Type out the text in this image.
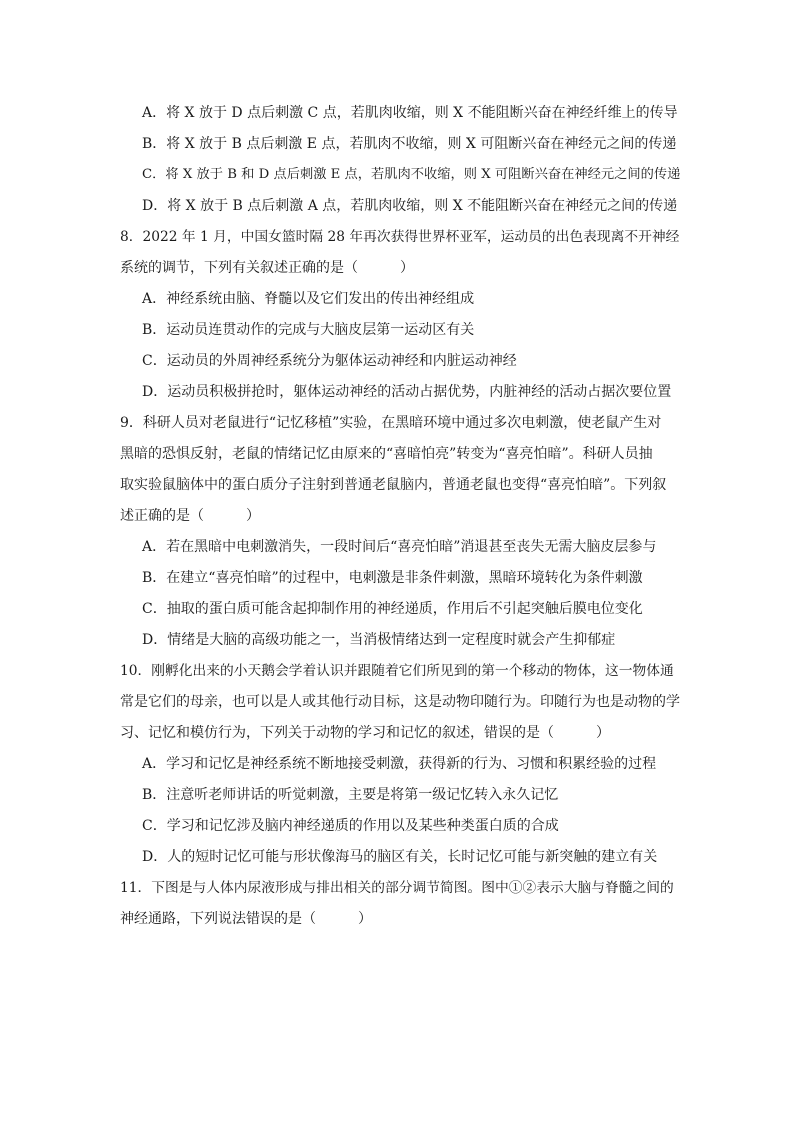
A．将 X 放于 D 点后刺激 C 点，若肌肉收缩，则 X 不能阻断兴奋在神经纤维上的传导
B．将 X 放于 B 点后刺激 E 点，若肌肉不收缩，则 X 可阻断兴奋在神经元之间的传递
C．将 X 放于 B 和 D 点后刺激 E 点，若肌肉不收缩，则 X 可阻断兴奋在神经元之间的传递
D．将 X 放于 B 点后刺激 A 点，若肌肉收缩，则 X 不能阻断兴奋在神经元之间的传递
8．2022 年 1 月，中国女篮时隔 28 年再次获得世界杯亚军，运动员的出色表现离不开神经
系统的调节，下列有关叙述正确的是（　　　）
A．神经系统由脑、脊髓以及它们发出的传出神经组成
B．运动员连贯动作的完成与大脑皮层第一运动区有关
C．运动员的外周神经系统分为躯体运动神经和内脏运动神经
D．运动员积极拼抢时，躯体运动神经的活动占据优势，内脏神经的活动占据次要位置
9．科研人员对老鼠进行“记忆移植”实验，在黑暗环境中通过多次电刺激，使老鼠产生对
黑暗的恐惧反射，老鼠的情绪记忆由原来的“喜暗怕亮”转变为“喜亮怕暗”。科研人员抽
取实验鼠脑体中的蛋白质分子注射到普通老鼠脑内，普通老鼠也变得“喜亮怕暗”。下列叙
述正确的是（　　　）
A．若在黑暗中电刺激消失，一段时间后“喜亮怕暗”消退甚至丧失无需大脑皮层参与
B．在建立“喜亮怕暗”的过程中，电刺激是非条件刺激，黑暗环境转化为条件刺激
C．抽取的蛋白质可能含起抑制作用的神经递质，作用后不引起突触后膜电位变化
D．情绪是大脑的高级功能之一，当消极情绪达到一定程度时就会产生抑郁症
10．刚孵化出来的小天鹅会学着认识并跟随着它们所见到的第一个移动的物体，这一物体通
常是它们的母亲，也可以是人或其他行动目标，这是动物印随行为。印随行为也是动物的学
习、记忆和模仿行为，下列关于动物的学习和记忆的叙述，错误的是（　　　）
A．学习和记忆是神经系统不断地接受刺激，获得新的行为、习惯和积累经验的过程
B．注意听老师讲话的听觉刺激，主要是将第一级记忆转入永久记忆
C．学习和记忆涉及脑内神经递质的作用以及某些种类蛋白质的合成
D．人的短时记忆可能与形状像海马的脑区有关，长时记忆可能与新突触的建立有关
11．下图是与人体内尿液形成与排出相关的部分调节简图。图中①②表示大脑与脊髓之间的
神经通路，下列说法错误的是（　　　）
